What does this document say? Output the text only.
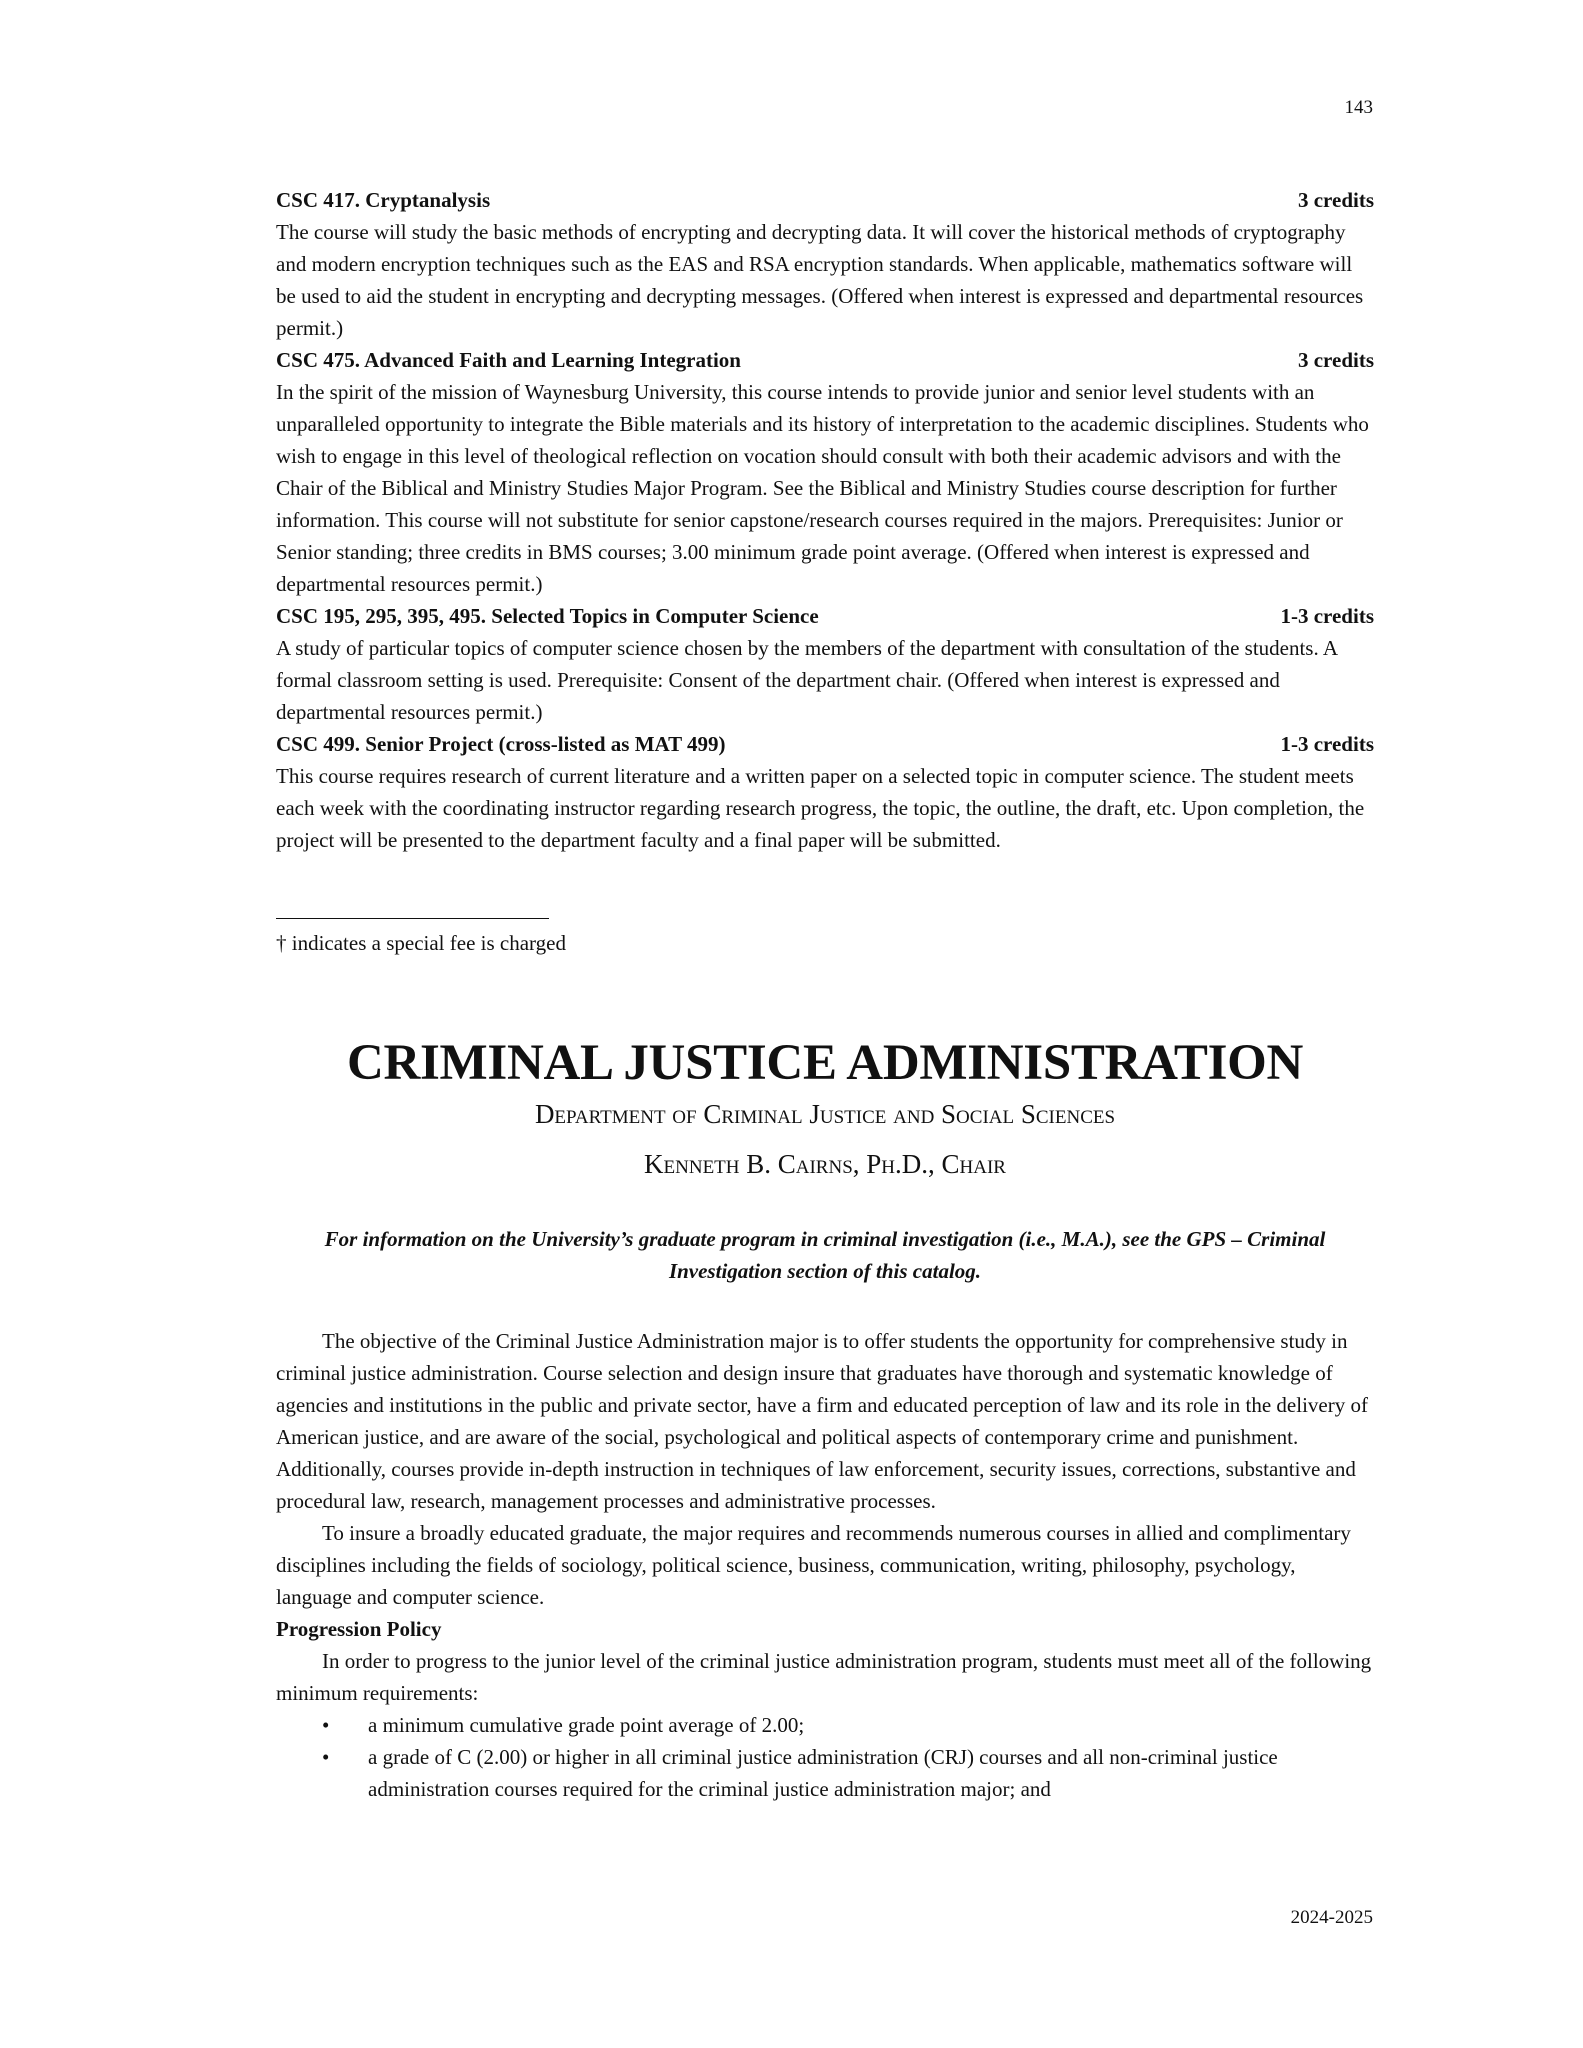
143
CSC 417. Cryptanalysis	3 credits

The course will study the basic methods of encrypting and decrypting data. It will cover the historical methods of cryptography and modern encryption techniques such as the EAS and RSA encryption standards. When applicable, mathematics software will be used to aid the student in encrypting and decrypting messages. (Offered when interest is expressed and departmental resources permit.)

CSC 475. Advanced Faith and Learning Integration	3 credits

In the spirit of the mission of Waynesburg University, this course intends to provide junior and senior level students with an unparalleled opportunity to integrate the Bible materials and its history of interpretation to the academic disciplines. Students who wish to engage in this level of theological reflection on vocation should consult with both their academic advisors and with the Chair of the Biblical and Ministry Studies Major Program. See the Biblical and Ministry Studies course description for further information. This course will not substitute for senior capstone/research courses required in the majors. Prerequisites: Junior or Senior standing; three credits in BMS courses; 3.00 minimum grade point average. (Offered when interest is expressed and departmental resources permit.)

CSC 195, 295, 395, 495. Selected Topics in Computer Science	1-3 credits

A study of particular topics of computer science chosen by the members of the department with consultation of the students. A formal classroom setting is used. Prerequisite: Consent of the department chair. (Offered when interest is expressed and departmental resources permit.)

CSC 499. Senior Project (cross-listed as MAT 499)	1-3 credits

This course requires research of current literature and a written paper on a selected topic in computer science. The student meets each week with the coordinating instructor regarding research progress, the topic, the outline, the draft, etc. Upon completion, the project will be presented to the department faculty and a final paper will be submitted.

† indicates a special fee is charged
CRIMINAL JUSTICE ADMINISTRATION
Department of Criminal Justice and Social Sciences
Kenneth B. Cairns, Ph.D., Chair
For information on the University’s graduate program in criminal investigation (i.e., M.A.), see the GPS – Criminal Investigation section of this catalog.

The objective of the Criminal Justice Administration major is to offer students the opportunity for comprehensive study in criminal justice administration. Course selection and design insure that graduates have thorough and systematic knowledge of agencies and institutions in the public and private sector, have a firm and educated perception of law and its role in the delivery of American justice, and are aware of the social, psychological and political aspects of contemporary crime and punishment. Additionally, courses provide in-depth instruction in techniques of law enforcement, security issues, corrections, substantive and procedural law, research, management processes and administrative processes.

To insure a broadly educated graduate, the major requires and recommends numerous courses in allied and complimentary disciplines including the fields of sociology, political science, business, communication, writing, philosophy, psychology, language and computer science.

Progression Policy

In order to progress to the junior level of the criminal justice administration program, students must meet all of the following minimum requirements:

• a minimum cumulative grade point average of 2.00;
• a grade of C (2.00) or higher in all criminal justice administration (CRJ) courses and all non-criminal justice administration courses required for the criminal justice administration major; and
2024-2025
